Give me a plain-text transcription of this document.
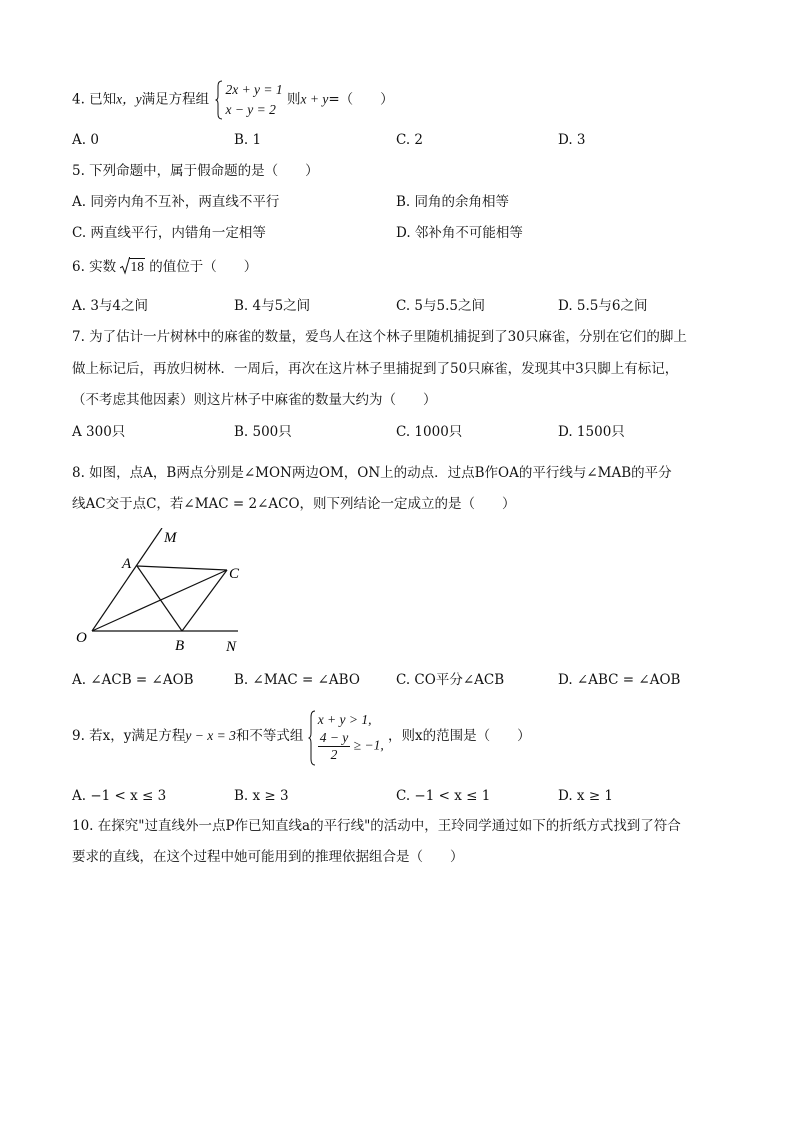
4. 已知x，y满足方程组
2x + y = 1
x − y = 2
则x + y=（　　）
A. 0	B. 1	C. 2	D. 3
5. 下列命题中，属于假命题的是（　　）
A. 同旁内角不互补，两直线不平行	B. 同角的余角相等
C. 两直线平行，内错角一定相等	D. 邻补角不可能相等
6. 实数 18 的值位于（　　）
A. 3与4之间	B. 4与5之间	C. 5与5.5之间	D. 5.5与6之间
7. 为了估计一片树林中的麻雀的数量，爱鸟人在这个林子里随机捕捉到了30只麻雀，分别在它们的脚上
做上标记后，再放归树林．一周后，再次在这片林子里捕捉到了50只麻雀，发现其中3只脚上有标记，
（不考虑其他因素）则这片林子中麻雀的数量大约为（　　）
A 300只	B. 500只	C. 1000只	D. 1500只
8. 如图，点A，B两点分别是∠MON两边OM，ON上的动点．过点B作OA的平行线与∠MAB的平分
线AC交于点C，若∠MAC = 2∠ACO，则下列结论一定成立的是（　　）
M
A
C
O	B	N
A. ∠ACB = ∠AOB	B. ∠MAC = ∠ABO	C. CO平分∠ACB	D. ∠ABC = ∠AOB
9. 若x，y满足方程y − x = 3和不等式组
x + y > 1,
$\frac{4 - y}{2} \ge -1$,
，则x的范围是（　　）
A. −1 < x ≤ 3	B. x ≥ 3	C. −1 < x ≤ 1	D. x ≥ 1
10. 在探究"过直线外一点P作已知直线a的平行线"的活动中，王玲同学通过如下的折纸方式找到了符合
要求的直线，在这个过程中她可能用到的推理依据组合是（　　）
